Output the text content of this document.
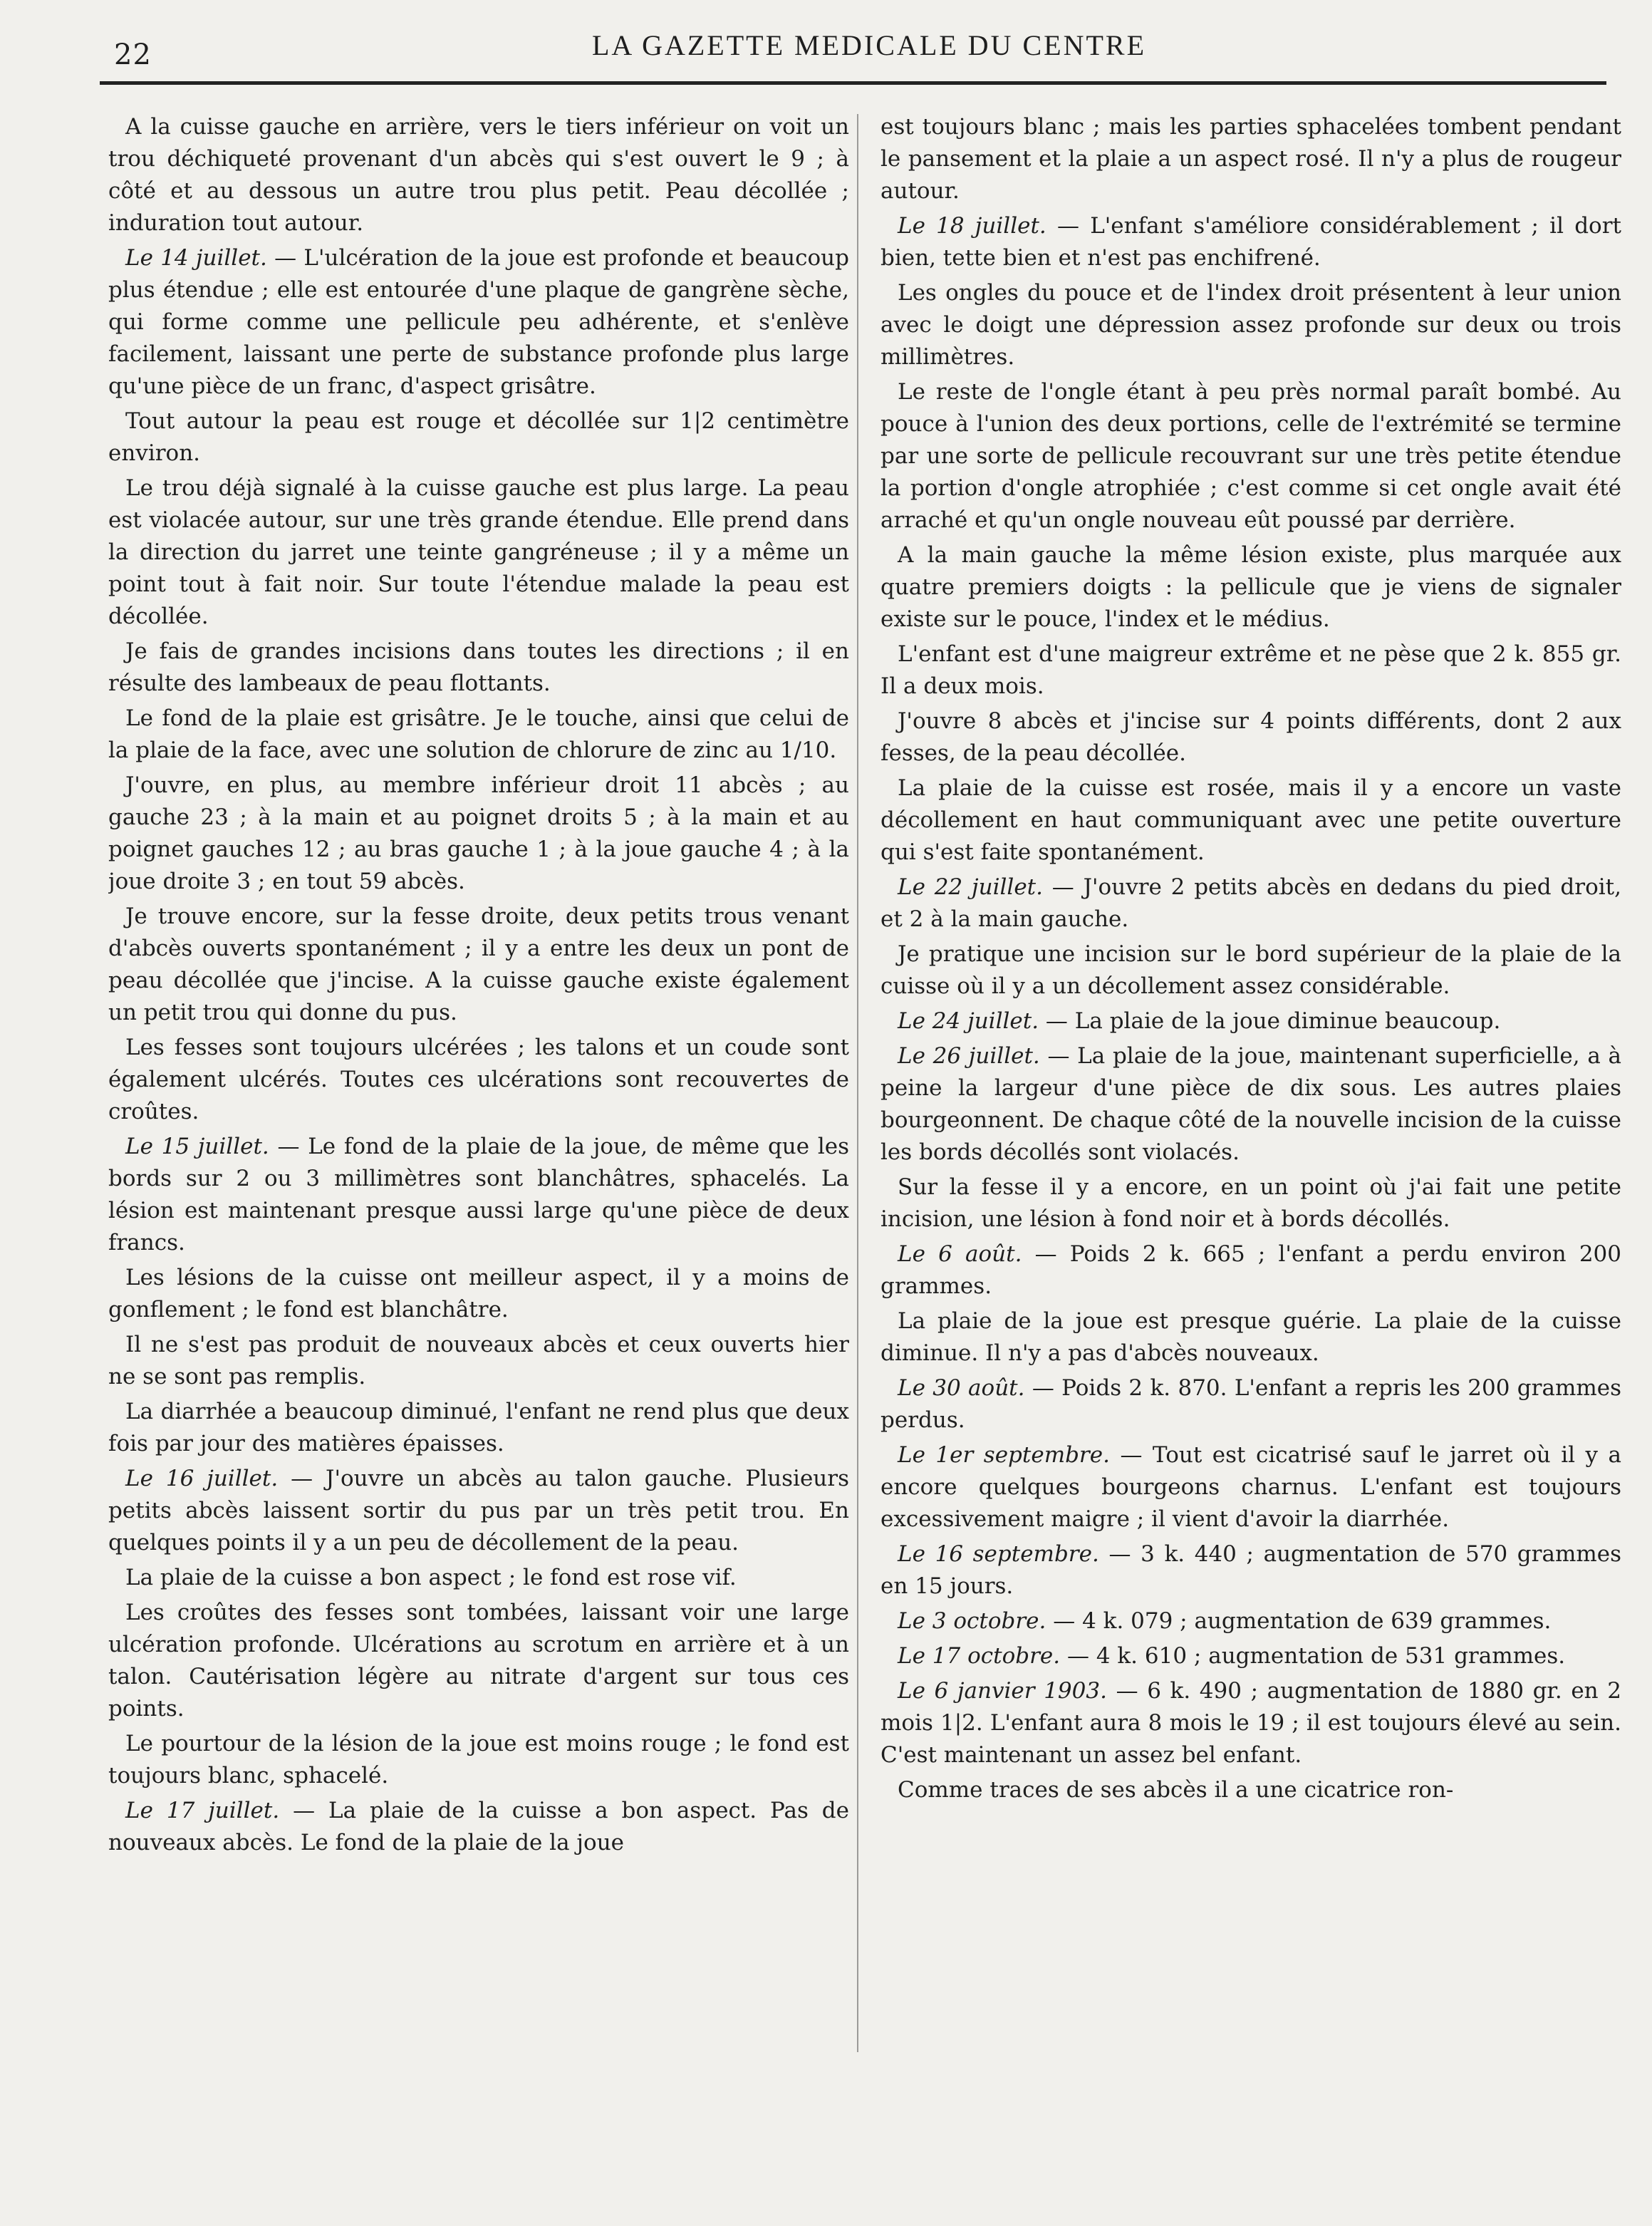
22	LA GAZETTE MEDICALE DU CENTRE

A la cuisse gauche en arrière, vers le tiers inférieur on voit un trou déchiqueté provenant d'un abcès qui s'est ouvert le 9 ; à côté et au dessous un autre trou plus petit. Peau décollée ; induration tout autour.

Le 14 juillet. — L'ulcération de la joue est profonde et beaucoup plus étendue ; elle est entourée d'une plaque de gangrène sèche, qui forme comme une pellicule peu adhérente, et s'enlève facilement, laissant une perte de substance profonde plus large qu'une pièce de un franc, d'aspect grisâtre.

Tout autour la peau est rouge et décollée sur 1|2 centimètre environ.

Le trou déjà signalé à la cuisse gauche est plus large. La peau est violacée autour, sur une très grande étendue. Elle prend dans la direction du jarret une teinte gangréneuse ; il y a même un point tout à fait noir. Sur toute l'étendue malade la peau est décollée.

Je fais de grandes incisions dans toutes les directions ; il en résulte des lambeaux de peau flottants.

Le fond de la plaie est grisâtre. Je le touche, ainsi que celui de la plaie de la face, avec une solution de chlorure de zinc au 1/10.

J'ouvre, en plus, au membre inférieur droit 11 abcès ; au gauche 23 ; à la main et au poignet droits 5 ; à la main et au poignet gauches 12 ; au bras gauche 1 ; à la joue gauche 4 ; à la joue droite 3 ; en tout 59 abcès.

Je trouve encore, sur la fesse droite, deux petits trous venant d'abcès ouverts spontanément ; il y a entre les deux un pont de peau décollée que j'incise. A la cuisse gauche existe également un petit trou qui donne du pus.

Les fesses sont toujours ulcérées ; les talons et un coude sont également ulcérés. Toutes ces ulcérations sont recouvertes de croûtes.

Le 15 juillet. — Le fond de la plaie de la joue, de même que les bords sur 2 ou 3 millimètres sont blanchâtres, sphacelés. La lésion est maintenant presque aussi large qu'une pièce de deux francs.

Les lésions de la cuisse ont meilleur aspect, il y a moins de gonflement ; le fond est blanchâtre.

Il ne s'est pas produit de nouveaux abcès et ceux ouverts hier ne se sont pas remplis.

La diarrhée a beaucoup diminué, l'enfant ne rend plus que deux fois par jour des matières épaisses.

Le 16 juillet. — J'ouvre un abcès au talon gauche. Plusieurs petits abcès laissent sortir du pus par un très petit trou. En quelques points il y a un peu de décollement de la peau.

La plaie de la cuisse a bon aspect ; le fond est rose vif.

Les croûtes des fesses sont tombées, laissant voir une large ulcération profonde. Ulcérations au scrotum en arrière et à un talon. Cautérisation légère au nitrate d'argent sur tous ces points.

Le pourtour de la lésion de la joue est moins rouge ; le fond est toujours blanc, sphacelé.

Le 17 juillet. — La plaie de la cuisse a bon aspect. Pas de nouveaux abcès. Le fond de la plaie de la joue

est toujours blanc ; mais les parties sphacelées tombent pendant le pansement et la plaie a un aspect rosé. Il n'y a plus de rougeur autour.

Le 18 juillet. — L'enfant s'améliore considérablement ; il dort bien, tette bien et n'est pas enchifrené.

Les ongles du pouce et de l'index droit présentent à leur union avec le doigt une dépression assez profonde sur deux ou trois millimètres.

Le reste de l'ongle étant à peu près normal paraît bombé. Au pouce à l'union des deux portions, celle de l'extrémité se termine par une sorte de pellicule recouvrant sur une très petite étendue la portion d'ongle atrophiée ; c'est comme si cet ongle avait été arraché et qu'un ongle nouveau eût poussé par derrière.

A la main gauche la même lésion existe, plus marquée aux quatre premiers doigts : la pellicule que je viens de signaler existe sur le pouce, l'index et le médius.

L'enfant est d'une maigreur extrême et ne pèse que 2 k. 855 gr. Il a deux mois.

J'ouvre 8 abcès et j'incise sur 4 points différents, dont 2 aux fesses, de la peau décollée.

La plaie de la cuisse est rosée, mais il y a encore un vaste décollement en haut communiquant avec une petite ouverture qui s'est faite spontanément.

Le 22 juillet. — J'ouvre 2 petits abcès en dedans du pied droit, et 2 à la main gauche.

Je pratique une incision sur le bord supérieur de la plaie de la cuisse où il y a un décollement assez considérable.

Le 24 juillet. — La plaie de la joue diminue beaucoup.

Le 26 juillet. — La plaie de la joue, maintenant superficielle, a à peine la largeur d'une pièce de dix sous. Les autres plaies bourgeonnent. De chaque côté de la nouvelle incision de la cuisse les bords décollés sont violacés.

Sur la fesse il y a encore, en un point où j'ai fait une petite incision, une lésion à fond noir et à bords décollés.

Le 6 août. — Poids 2 k. 665 ; l'enfant a perdu environ 200 grammes.

La plaie de la joue est presque guérie. La plaie de la cuisse diminue. Il n'y a pas d'abcès nouveaux.

Le 30 août. — Poids 2 k. 870. L'enfant a repris les 200 grammes perdus.

Le 1er septembre. — Tout est cicatrisé sauf le jarret où il y a encore quelques bourgeons charnus. L'enfant est toujours excessivement maigre ; il vient d'avoir la diarrhée.

Le 16 septembre. — 3 k. 440 ; augmentation de 570 grammes en 15 jours.

Le 3 octobre. — 4 k. 079 ; augmentation de 639 grammes.

Le 17 octobre. — 4 k. 610 ; augmentation de 531 grammes.

Le 6 janvier 1903. — 6 k. 490 ; augmentation de 1880 gr. en 2 mois 1|2. L'enfant aura 8 mois le 19 ; il est toujours élevé au sein. C'est maintenant un assez bel enfant.

Comme traces de ses abcès il a une cicatrice ron-
